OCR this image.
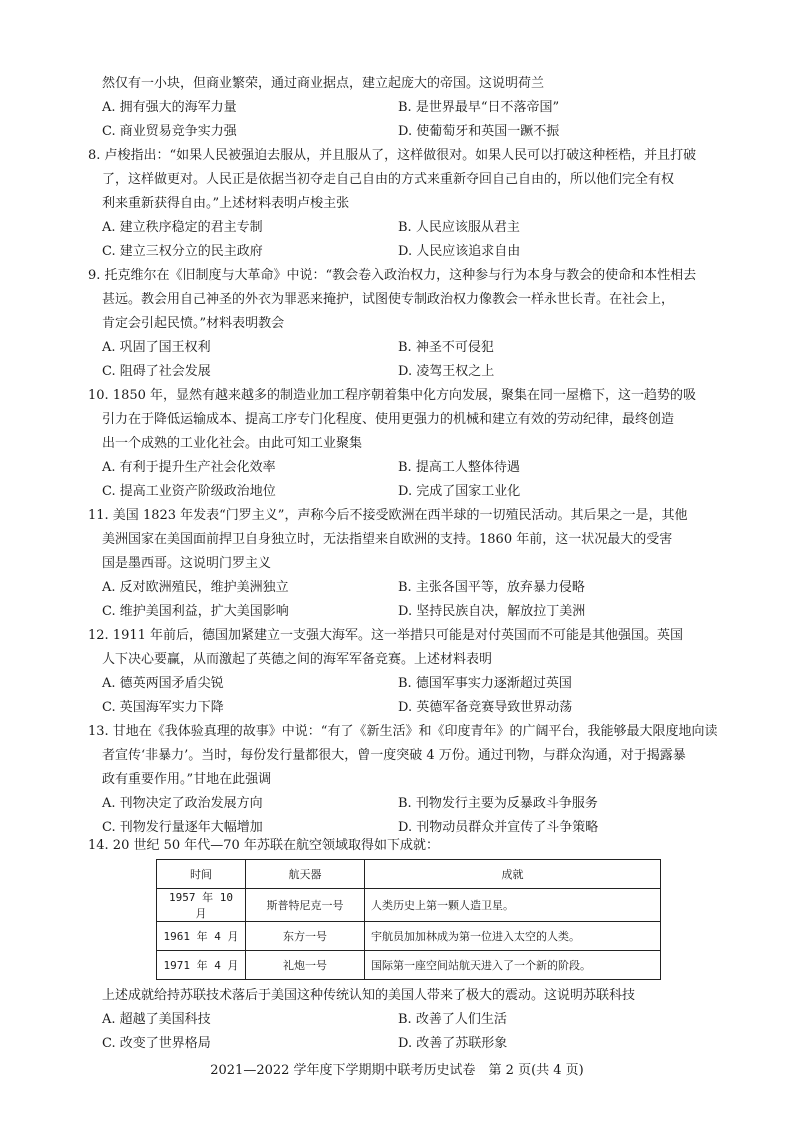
然仅有一小块，但商业繁荣，通过商业据点，建立起庞大的帝国。这说明荷兰
A. 拥有强大的海军力量	B. 是世界最早“日不落帝国”
C. 商业贸易竞争实力强	D. 使葡萄牙和英国一蹶不振
8. 卢梭指出：“如果人民被强迫去服从，并且服从了，这样做很对。如果人民可以打破这种桎梏，并且打破
了，这样做更对。人民正是依据当初夺走自己自由的方式来重新夺回自己自由的，所以他们完全有权
利来重新获得自由。”上述材料表明卢梭主张
A. 建立秩序稳定的君主专制	B. 人民应该服从君主
C. 建立三权分立的民主政府	D. 人民应该追求自由
9. 托克维尔在《旧制度与大革命》中说：“教会卷入政治权力，这种参与行为本身与教会的使命和本性相去
甚远。教会用自己神圣的外衣为罪恶来掩护，试图使专制政治权力像教会一样永世长青。在社会上，
肯定会引起民愤。”材料表明教会
A. 巩固了国王权利	B. 神圣不可侵犯
C. 阻碍了社会发展	D. 凌驾王权之上
10. 1850 年，显然有越来越多的制造业加工程序朝着集中化方向发展，聚集在同一屋檐下，这一趋势的吸
引力在于降低运输成本、提高工序专门化程度、使用更强力的机械和建立有效的劳动纪律，最终创造
出一个成熟的工业化社会。由此可知工业聚集
A. 有利于提升生产社会化效率	B. 提高工人整体待遇
C. 提高工业资产阶级政治地位	D. 完成了国家工业化
11. 美国 1823 年发表“门罗主义”，声称今后不接受欧洲在西半球的一切殖民活动。其后果之一是，其他
美洲国家在美国面前捍卫自身独立时，无法指望来自欧洲的支持。1860 年前，这一状况最大的受害
国是墨西哥。这说明门罗主义
A. 反对欧洲殖民，维护美洲独立	B. 主张各国平等，放弃暴力侵略
C. 维护美国利益，扩大美国影响	D. 坚持民族自决，解放拉丁美洲
12. 1911 年前后，德国加紧建立一支强大海军。这一举措只可能是对付英国而不可能是其他强国。英国
人下决心要赢，从而激起了英德之间的海军军备竞赛。上述材料表明
A. 德英两国矛盾尖锐	B. 德国军事实力逐渐超过英国
C. 英国海军实力下降	D. 英德军备竞赛导致世界动荡
13. 甘地在《我体验真理的故事》中说：“有了《新生活》和《印度青年》的广阔平台，我能够最大限度地向读
者宣传‘非暴力’。当时，每份发行量都很大，曾一度突破 4 万份。通过刊物，与群众沟通，对于揭露暴
政有重要作用。”甘地在此强调
A. 刊物决定了政治发展方向	B. 刊物发行主要为反暴政斗争服务
C. 刊物发行量逐年大幅增加	D. 刊物动员群众并宣传了斗争策略
14. 20 世纪 50 年代—70 年苏联在航空领域取得如下成就：
时间	航天器	成就
1957 年 10 月	斯普特尼克一号	人类历史上第一颗人造卫星。
1961 年 4 月	东方一号	宇航员加加林成为第一位进入太空的人类。
1971 年 4 月	礼炮一号	国际第一座空间站航天进入了一个新的阶段。
上述成就给持苏联技术落后于美国这种传统认知的美国人带来了极大的震动。这说明苏联科技
A. 超越了美国科技	B. 改善了人们生活
C. 改变了世界格局	D. 改善了苏联形象
2021—2022 学年度下学期期中联考历史试卷　第 2 页(共 4 页)
